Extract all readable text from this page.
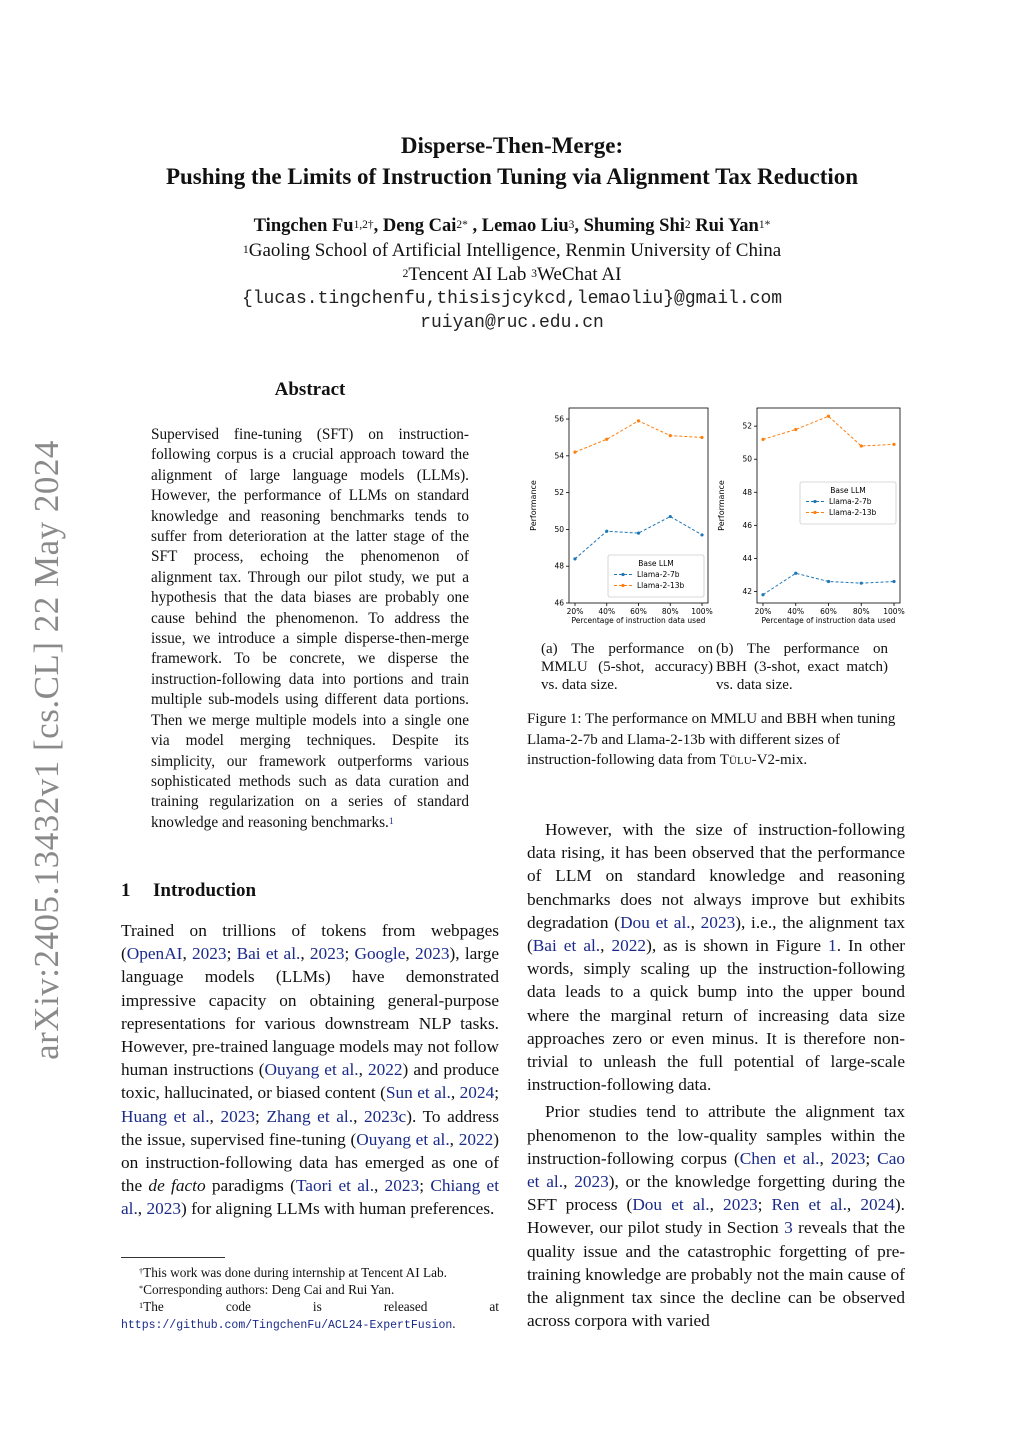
arXiv:2405.13432v1 [cs.CL] 22 May 2024
Disperse-Then-Merge:
Pushing the Limits of Instruction Tuning via Alignment Tax Reduction
Tingchen $Fu^{1,2\dagger}$, Deng Cai$^{2*}$ , Lemao Liu$^3$, Shuming Shi$^2$ Rui Yan$^{1*}$
$^1$Gaoling School of Artificial Intelligence, Renmin University of China
$^2$Tencent AI Lab $^3$WeChat AI
{lucas.tingchenfu,thisisjcykcd,lemaoliu}@gmail.com
ruiyan@ruc.edu.cn
Abstract
Supervised fine-tuning (SFT) on instruction-following corpus is a crucial approach toward the alignment of large language models (LLMs). However, the performance of LLMs on standard knowledge and reasoning benchmarks tends to suffer from deterioration at the latter stage of the SFT process, echoing the phenomenon of alignment tax. Through our pilot study, we put a hypothesis that the data biases are probably one cause behind the phenomenon. To address the issue, we introduce a simple disperse-then-merge framework. To be concrete, we disperse the instruction-following data into portions and train multiple sub-models using different data portions. Then we merge multiple models into a single one via model merging techniques. Despite its simplicity, our framework outperforms various sophisticated methods such as data curation and training regularization on a series of standard knowledge and reasoning benchmarks.$^1$
1 Introduction
Trained on trillions of tokens from webpages (OpenAI, 2023; Bai et al., 2023; Google, 2023), large language models (LLMs) have demonstrated impressive capacity on obtaining general-purpose representations for various downstream NLP tasks. However, pre-trained language models may not follow human instructions (Ouyang et al., 2022) and produce toxic, hallucinated, or biased content (Sun et al., 2024; Huang et al., 2023; Zhang et al., 2023c). To address the issue, supervised fine-tuning (Ouyang et al., 2022) on instruction-following data has emerged as one of the de facto paradigms (Taori et al., 2023; Chiang et al., 2023) for aligning LLMs with human preferences.
†This work was done during internship at Tencent AI Lab.
*Corresponding authors: Deng Cai and Rui Yan.
$^1$The code is released at https://github.com/TingchenFu/ACL24-ExpertFusion.
46
48
50
52
54
56
20% 40% 60% 80% 100%
Percentage of instruction data used
Performance
Base LLM
Llama-2-7b
Llama-2-13b
42
44
46
48
50
52
20% 40% 60% 80% 100%
Percentage of instruction data used
Performance	Base LLM
Llama-2-7b
Llama-2-13b
(a) The performance on MMLU (5-shot, accuracy) vs. data size.
(b) The performance on BBH (3-shot, exact match) vs. data size.
Figure 1: The performance on MMLU and BBH when tuning Llama-2-7b and Llama-2-13b with different sizes of instruction-following data from Tülu-V2-mix.

However, with the size of instruction-following data rising, it has been observed that the performance of LLM on standard knowledge and reasoning benchmarks does not always improve but exhibits degradation (Dou et al., 2023), i.e., the alignment tax (Bai et al., 2022), as is shown in Figure 1. In other words, simply scaling up the instruction-following data leads to a quick bump into the upper bound where the marginal return of increasing data size approaches zero or even minus. It is therefore non-trivial to unleash the full potential of large-scale instruction-following data.

Prior studies tend to attribute the alignment tax phenomenon to the low-quality samples within the instruction-following corpus (Chen et al., 2023; Cao et al., 2023), or the knowledge forgetting during the SFT process (Dou et al., 2023; Ren et al., 2024). However, our pilot study in Section 3 reveals that the quality issue and the catastrophic forgetting of pre-training knowledge are probably not the main cause of the alignment tax since the decline can be observed across corpora with varied
